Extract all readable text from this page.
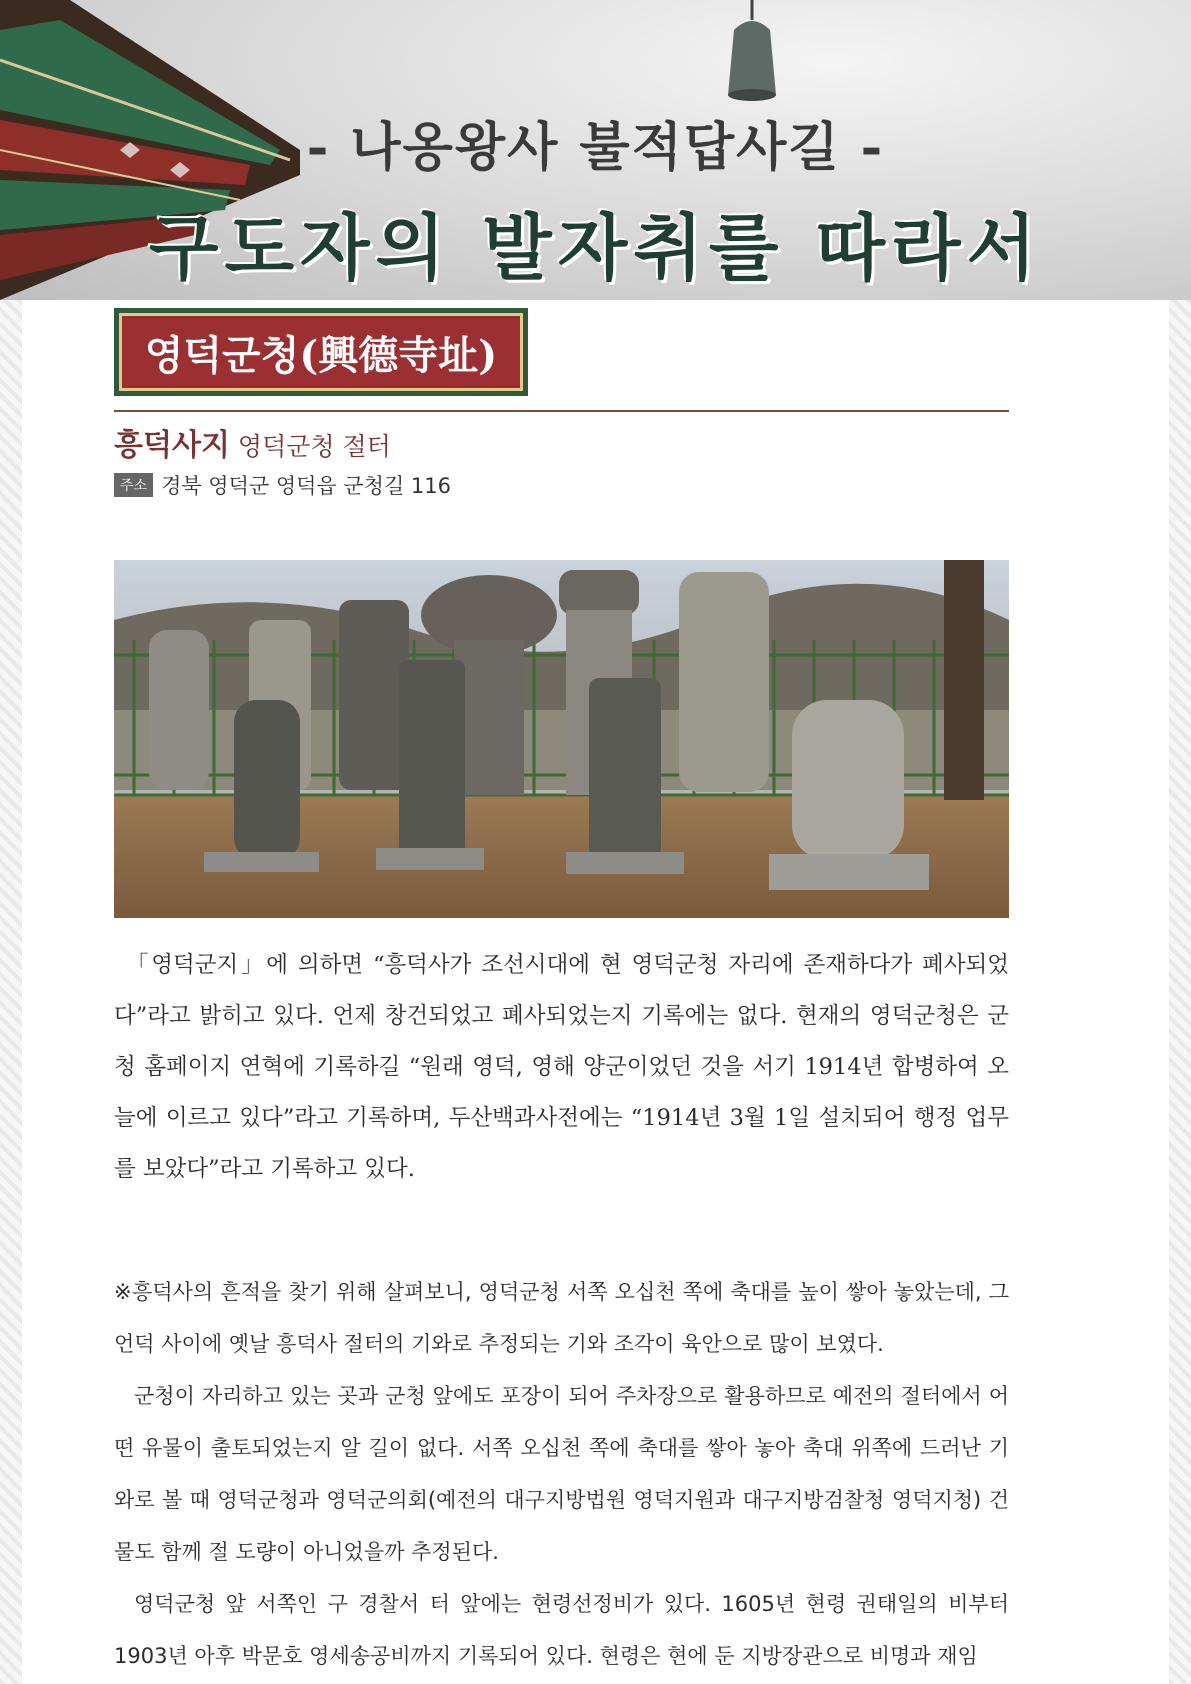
- 나옹왕사 불적답사길 -
구도자의 발자취를 따라서
영덕군청(興德寺址)
흥덕사지 영덕군청 절터
주소 경북 영덕군 영덕읍 군청길 116

「영덕군지」에 의하면 “흥덕사가 조선시대에 현 영덕군청 자리에 존재하다가 폐사되었다”라고 밝히고 있다. 언제 창건되었고 폐사되었는지 기록에는 없다. 현재의 영덕군청은 군청 홈페이지 연혁에 기록하길 “원래 영덕, 영해 양군이었던 것을 서기 1914년 합병하여 오늘에 이르고 있다”라고 기록하며, 두산백과사전에는 “1914년 3월 1일 설치되어 행정 업무를 보았다”라고 기록하고 있다.

※흥덕사의 흔적을 찾기 위해 살펴보니, 영덕군청 서쪽 오십천 쪽에 축대를 높이 쌓아 놓았는데, 그 언덕 사이에 옛날 흥덕사 절터의 기와로 추정되는 기와 조각이 육안으로 많이 보였다.

군청이 자리하고 있는 곳과 군청 앞에도 포장이 되어 주차장으로 활용하므로 예전의 절터에서 어떤 유물이 출토되었는지 알 길이 없다. 서쪽 오십천 쪽에 축대를 쌓아 놓아 축대 위쪽에 드러난 기와로 볼 때 영덕군청과 영덕군의회(예전의 대구지방법원 영덕지원과 대구지방검찰청 영덕지청) 건물도 함께 절 도량이 아니었을까 추정된다.

영덕군청 앞 서쪽인 구 경찰서 터 앞에는 현령선정비가 있다. 1605년 현령 권태일의 비부터 1903년 아후 박문호 영세송공비까지 기록되어 있다. 현령은 현에 둔 지방장관으로 비명과 재임
